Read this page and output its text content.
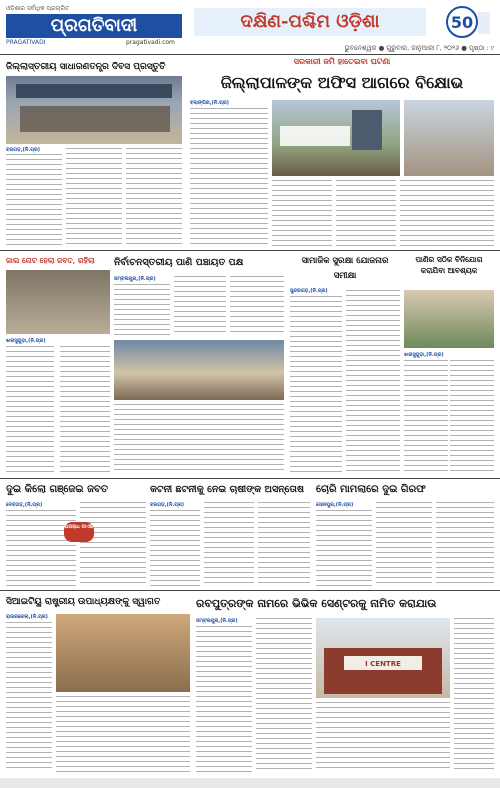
ଓଡ଼ିଶାର ସର୍ବାଧିକ ପ୍ରଚାରିତ
ପ୍ରଗତିବାଦୀ
PRAGATIVADI	pragativadi.com
ଦକ୍ଷିଣ-ପଶ୍ଚିମ ଓଡ଼ିଶା	50
ଭୁବନେଶ୍ୱର ● ଗୁରୁବାର, ଜାନୁଆରୀ ୮, ୨୦୨୬ ● ପୃଷ୍ଠା : ୯
ଜିଲ୍ଲାସ୍ତରୀୟ ସାଧାରଣତନ୍ତ୍ର ଦିବସ ପ୍ରସ୍ତୁତି
ବରଗଡ଼,(ନି.ପ୍ର)
ସରକାରୀ ଜମି ହାତେଇବା ଘଟଣା
ଜିଲ୍ଲାପାଳଙ୍କ ଅଫିସ ଆଗରେ ବିକ୍ଷୋଭ
ବଲାଙ୍ଗିର,(ନି.ପ୍ର)
ଜାଲ ନୋଟ ହେଲା ଜବତ, ରହିଲା
ଝାରସୁଗୁଡ଼ା,(ନି.ପ୍ର)
ନିର୍ବାଚନସ୍ତରୀୟ ପାଣି ପଞ୍ଚାୟତ ପକ୍ଷ
ସମ୍ବଲପୁର,(ନି.ପ୍ର)
ସାମାଜିକ ସୁରକ୍ଷା ଯୋଜନାର ସମୀକ୍ଷା
ସୁନ୍ଦରଗଡ଼,(ନି.ପ୍ର)
ପାଣିର ସଠିକ ବିନିଯୋଗ କରାଯିବା ଆବଶ୍ୟକ
ଝାରସୁଗୁଡ଼ା,(ନି.ପ୍ର)
ଦୁଇ କିଲୋ ଗଞ୍ଜେଇ ଜବତ
ଦେବଗଡ଼,(ନି.ପ୍ର)
ଅପରାଧ ଡାଏରି
କଟନୀ ଛଟନୀକୁ ନେଇ ଚାଷୀଙ୍କ ଅସନ୍ତୋଷ
ବରଗଡ଼,(ନି.ପ୍ର)
ଚୋରି ମାମଲାରେ ଦୁଇ ଗିରଫ
ସୋନପୁର,(ନି.ପ୍ର)
ସିଆଇଟିୟୁ ରାଷ୍ଟ୍ରୀୟ ଉପାଧ୍ୟକ୍ଷଙ୍କୁ ସ୍ୱାଗତ
ରାଉରକେଲା,(ନି.ପ୍ର)
ରବପୁତ୍ରଙ୍କ ନାମରେ ଭିଭିକ ସେଣ୍ଟରକୁ ନାମିତ କରାଯାଉ
ସମ୍ବଲପୁର,(ନି.ପ୍ର)
I CENTRE
